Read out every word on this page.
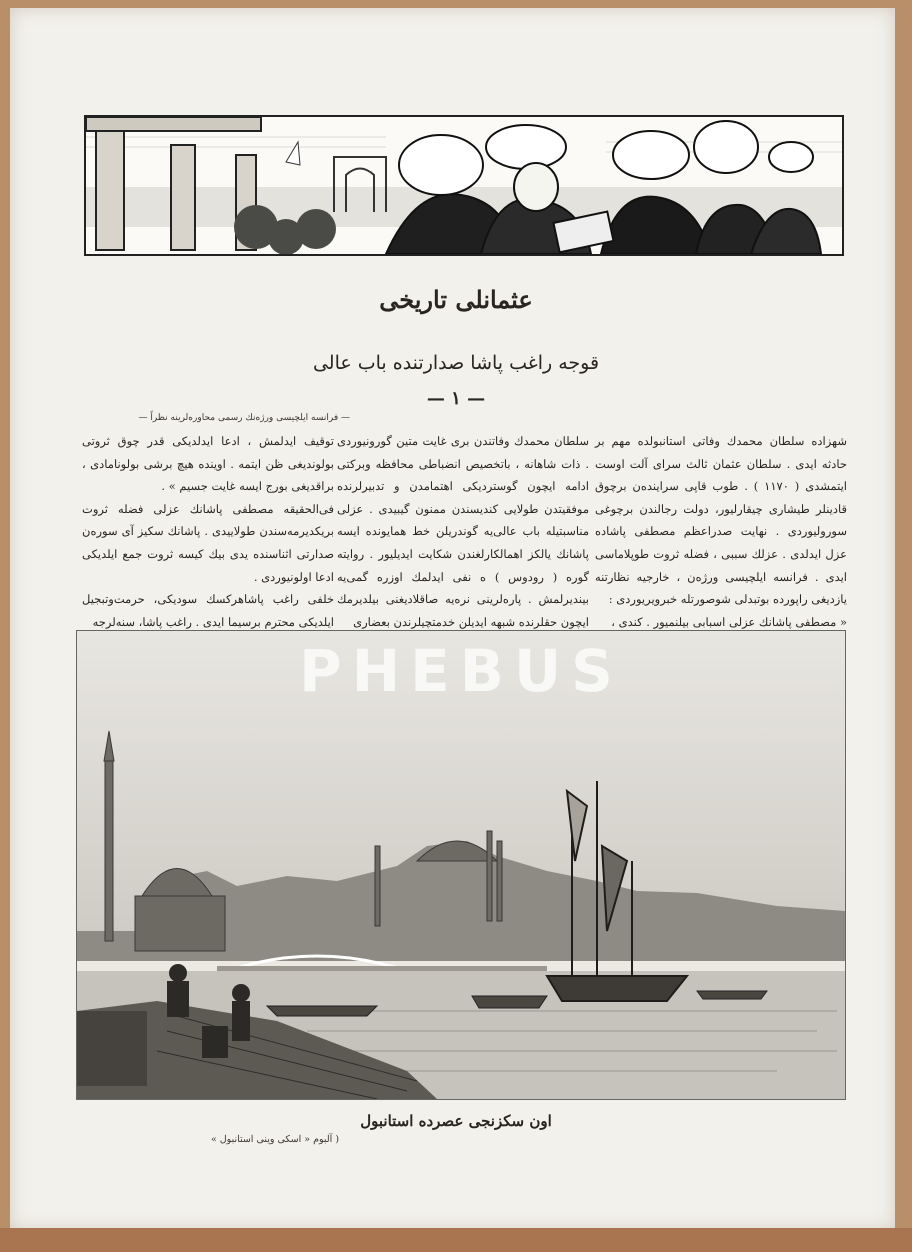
عثمانلی تاریخی
قوجه راغب پاشا صدارتنده باب عالی
— ۱ —
— فرانسه ایلچیسی ورژه‌نك رسمی محاوره‌لرینه نظراً —

شهزاده سلطان محمدك وفاتی استانبولده مهم بر حادثه ایدی . سلطان عثمان ثالث سرای آلت اوست ایتمشدی ( ۱۱۷۰ ) . طوب قاپی سراینده‌ن برچوق قادینلر طیشاری چیقارلیور، دولت رجالندن برچوغی سورولیوردی . نهایت صدراعظم مصطفی پاشاده عزل ایدلدی . عزلك سببی ، فضله ثروت طوپلاماسی ایدی . فرانسه ایلچیسی ورژه‌ن ، خارجیه نظارتنه یازدیغی راپورده بوتبدلی شوصورتله خبرویریوردی :

« مصطفی پاشانك عزلی اسبابی بیلنمیور . کندی ،

سلطان محمدك وفاتندن بری غایت متین گورونیوردی . ذات شاهانه ، باتخصیص انضباطی محافظه وبرکتی ادامه ایچون گوستردیکی اهتمامدن و تدبیرلرنده موفقیتدن طولایی کندیسندن ممنون گیبیدی . عزلی مناسبتیله باب عالی‌یه گوندریلن خط همایونده ایسه پاشانك یالکز اهمالکارلغندن شکایت ایدیلیور . روایته گوره ( رودوس ) ه نفی ایدلمك اوزره گمی‌یه بیندیرلمش . پارەلرینی نرەیه صاقلادیغنی بیلدیرمك ایچون حقلرنده شبهه ایدیلن خدمتچیلرندن بعضاری

توقیف ایدلمش ، ادعا ایدلدیکی قدر چوق ثروتی بولوندیغی ظن ایتمه . اوینده هیچ برشی بولونامادی ، براقدیغی بورج ایسه غایت جسیم » .

فی‌الحقیقه مصطفی پاشانك عزلی فضله ثروت بریکدیرمه‌سندن طولاییدی . پاشانك سکیز آی سورەن صدارتی اثناسنده یدی بیك کیسه ثروت جمع ایلدیکی ادعا اولونیوردی .

خلفی راغب پاشاهركسك سودیکی، حرمت‌وتبجیل ایلدیکی محترم برسیما ایدی . راغب پاشا، سنه‌لرجه

PHEBUS
اون سکزنجی عصرده استانبول
( آلبوم « اسکی وینی استانبول »
